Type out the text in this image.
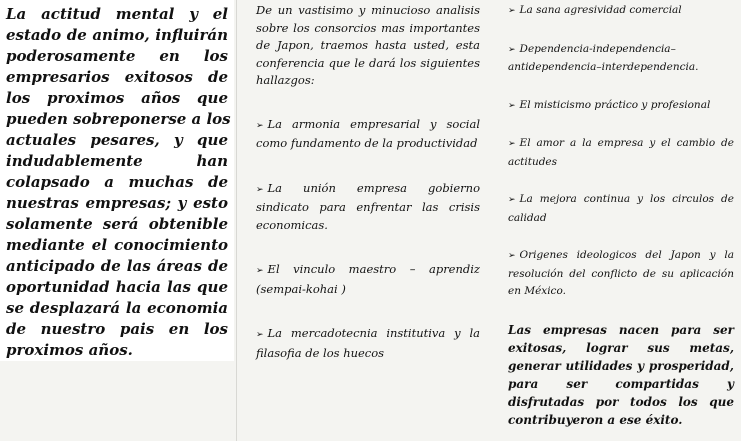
La actitud mental y el
estado de animo, influirán
poderosamente en los
empresarios exitosos de
los proximos años que
pueden sobreponerse a los
actuales pesares, y que
indudablemente han
colapsado a muchas de
nuestras empresas; y esto
solamente será obtenible
mediante el conocimiento
anticipado de las áreas de
oportunidad hacia las que
se desplazará la economia
de nuestro pais en los
proximos años.

De un vastisimo y minucioso analisis sobre los consorcios mas importantes de Japon, traemos hasta usted, esta conferencia que le dará los siguientes hallazgos:

➢ La armonia empresarial y social como fundamento de la productividad

➢ La unión empresa gobierno sindicato para enfrentar las crisis economicas.

➢ El vinculo maestro – aprendiz (sempai-kohai )

➢ La mercadotecnia institutiva y la filasofia de los huecos

➢ La sana agresividad comercial

➢ Dependencia-independencia–antidependencia–interdependencia.

➢ El misticismo práctico y profesional

➢ El amor a la empresa y el cambio de actitudes

➢ La mejora continua y los circulos de calidad

➢ Origenes ideologicos del Japon y la resolución del conflicto de su aplicación en México.

Las empresas nacen para ser exitosas, lograr sus metas, generar utilidades y prosperidad, para ser compartidas y disfrutadas por todos los que contribuyeron a ese éxito.
